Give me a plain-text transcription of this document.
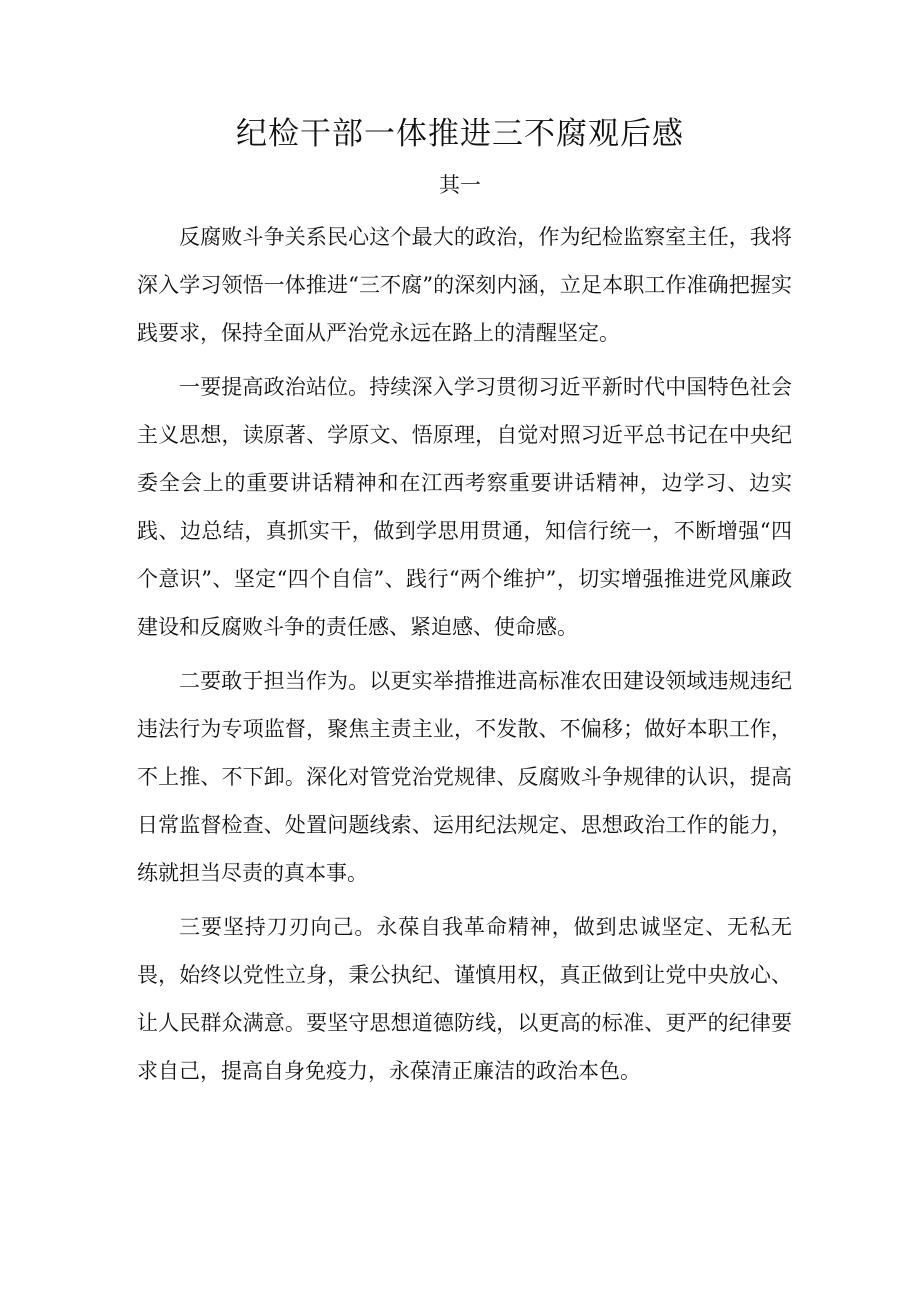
纪检干部一体推进三不腐观后感

其一

反腐败斗争关系民心这个最大的政治，作为纪检监察室主任，我将深入学习领悟一体推进“三不腐”的深刻内涵，立足本职工作准确把握实践要求，保持全面从严治党永远在路上的清醒坚定。

一要提高政治站位。持续深入学习贯彻习近平新时代中国特色社会主义思想，读原著、学原文、悟原理，自觉对照习近平总书记在中央纪委全会上的重要讲话精神和在江西考察重要讲话精神，边学习、边实践、边总结，真抓实干，做到学思用贯通，知信行统一，不断增强“四个意识”、坚定“四个自信”、践行“两个维护”，切实增强推进党风廉政建设和反腐败斗争的责任感、紧迫感、使命感。

二要敢于担当作为。以更实举措推进高标准农田建设领域违规违纪违法行为专项监督，聚焦主责主业，不发散、不偏移；做好本职工作，不上推、不下卸。深化对管党治党规律、反腐败斗争规律的认识，提高日常监督检查、处置问题线索、运用纪法规定、思想政治工作的能力，练就担当尽责的真本事。

三要坚持刀刃向己。永葆自我革命精神，做到忠诚坚定、无私无畏，始终以党性立身，秉公执纪、谨慎用权，真正做到让党中央放心、让人民群众满意。要坚守思想道德防线，以更高的标准、更严的纪律要求自己，提高自身免疫力，永葆清正廉洁的政治本色。
